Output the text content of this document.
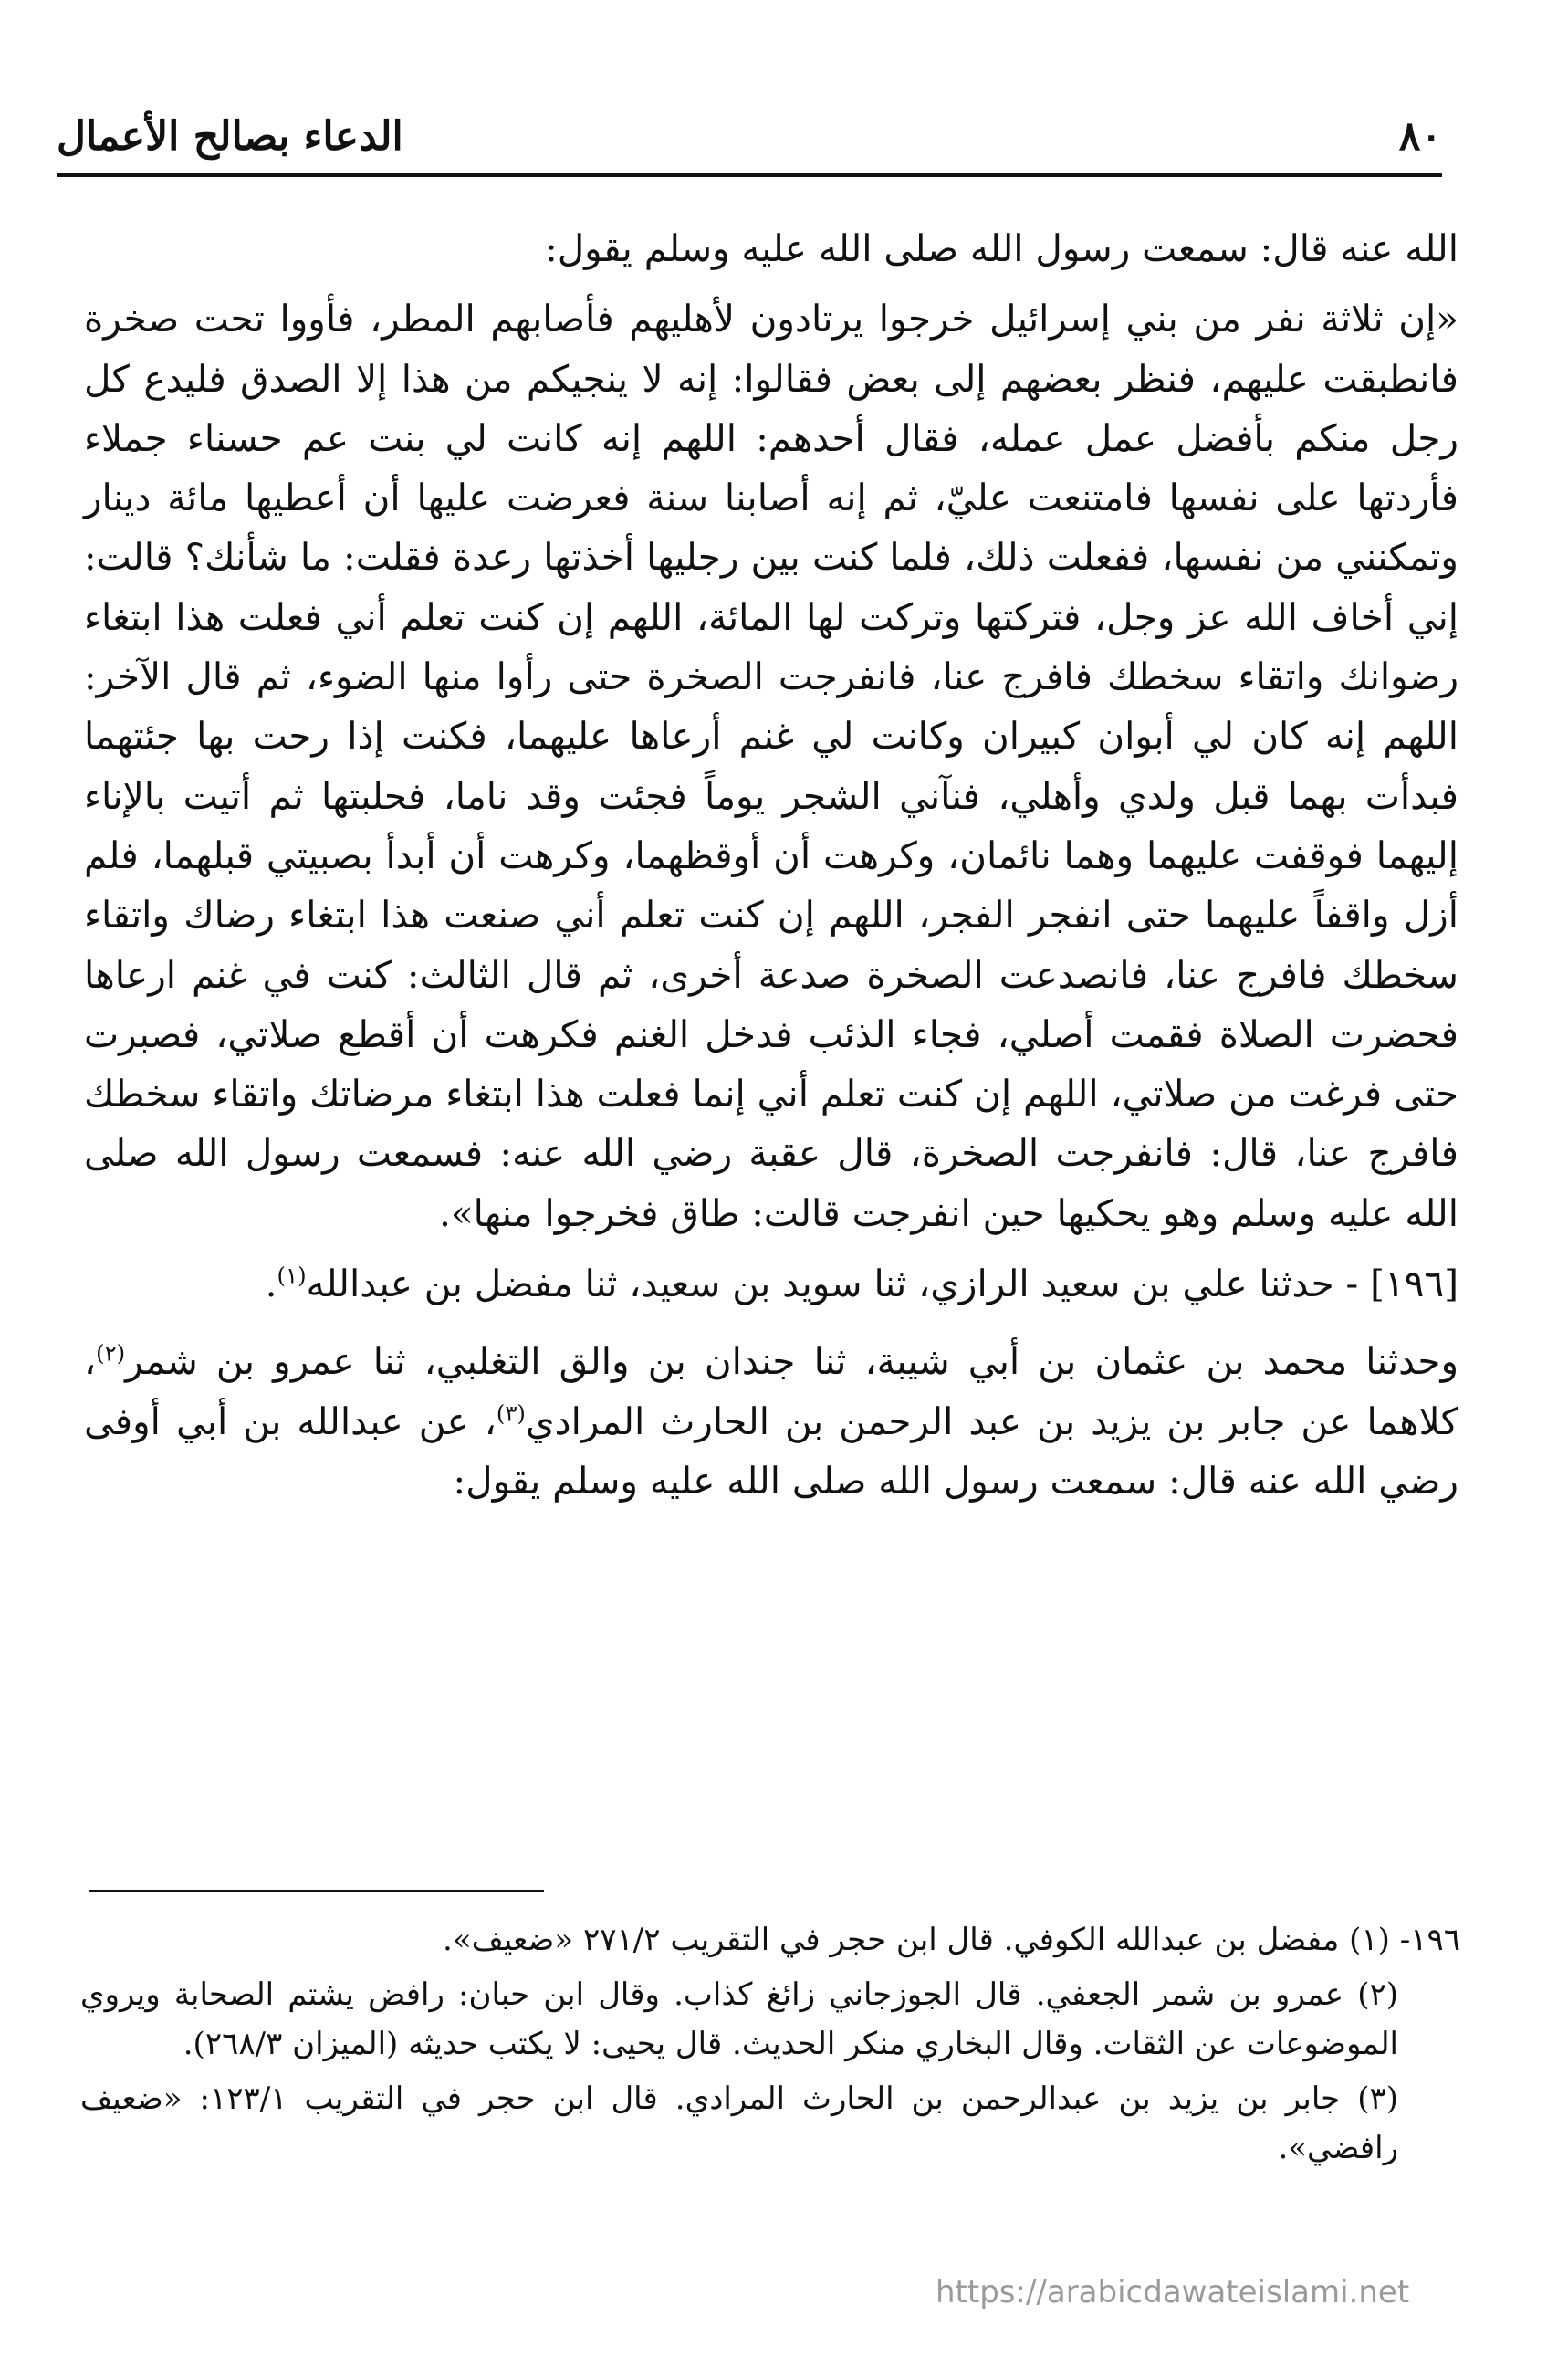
الدعاء بصالح الأعمال	٨٠

الله عنه قال: سمعت رسول الله صلى الله عليه وسلم يقول:

«إن ثلاثة نفر من بني إسرائيل خرجوا يرتادون لأهليهم فأصابهم المطر، فأووا تحت صخرة فانطبقت عليهم، فنظر بعضهم إلى بعض فقالوا: إنه لا ينجيكم من هذا إلا الصدق فليدع كل رجل منكم بأفضل عمل عمله، فقال أحدهم: اللهم إنه كانت لي بنت عم حسناء جملاء فأردتها على نفسها فامتنعت عليّ، ثم إنه أصابنا سنة فعرضت عليها أن أعطيها مائة دينار وتمكنني من نفسها، ففعلت ذلك، فلما كنت بين رجليها أخذتها رعدة فقلت: ما شأنك؟ قالت: إني أخاف الله عز وجل، فتركتها وتركت لها المائة، اللهم إن كنت تعلم أني فعلت هذا ابتغاء رضوانك واتقاء سخطك فافرج عنا، فانفرجت الصخرة حتى رأوا منها الضوء، ثم قال الآخر: اللهم إنه كان لي أبوان كبيران وكانت لي غنم أرعاها عليهما، فكنت إذا رحت بها جئتهما فبدأت بهما قبل ولدي وأهلي، فنآني الشجر يوماً فجئت وقد ناما، فحلبتها ثم أتيت بالإناء إليهما فوقفت عليهما وهما نائمان، وكرهت أن أوقظهما، وكرهت أن أبدأ بصبيتي قبلهما، فلم أزل واقفاً عليهما حتى انفجر الفجر، اللهم إن كنت تعلم أني صنعت هذا ابتغاء رضاك واتقاء سخطك فافرج عنا، فانصدعت الصخرة صدعة أخرى، ثم قال الثالث: كنت في غنم ارعاها فحضرت الصلاة فقمت أصلي، فجاء الذئب فدخل الغنم فكرهت أن أقطع صلاتي، فصبرت حتى فرغت من صلاتي، اللهم إن كنت تعلم أني إنما فعلت هذا ابتغاء مرضاتك واتقاء سخطك فافرج عنا، قال: فانفرجت الصخرة، قال عقبة رضي الله عنه: فسمعت رسول الله صلى الله عليه وسلم وهو يحكيها حين انفرجت قالت: طاق فخرجوا منها».

[١٩٦] - حدثنا علي بن سعيد الرازي، ثنا سويد بن سعيد، ثنا مفضل بن عبدالله$^{(١)}$.

وحدثنا محمد بن عثمان بن أبي شيبة، ثنا جندان بن والق التغلبي، ثنا عمرو بن شمر$^{(٢)}$، كلاهما عن جابر بن يزيد بن عبد الرحمن بن الحارث المرادي$^{(٣)}$، عن عبدالله بن أبي أوفى رضي الله عنه قال: سمعت رسول الله صلى الله عليه وسلم يقول:

١٩٦- (١) مفضل بن عبدالله الكوفي. قال ابن حجر في التقريب ٢٧١/٢ «ضعيف».

(٢) عمرو بن شمر الجعفي. قال الجوزجاني زائغ كذاب. وقال ابن حبان: رافض يشتم الصحابة ويروي الموضوعات عن الثقات. وقال البخاري منكر الحديث. قال يحيى: لا يكتب حديثه (الميزان ٢٦٨/٣).

(٣) جابر بن يزيد بن عبدالرحمن بن الحارث المرادي. قال ابن حجر في التقريب ١٢٣/١: «ضعيف رافضي».

https://arabicdawateislami.net
